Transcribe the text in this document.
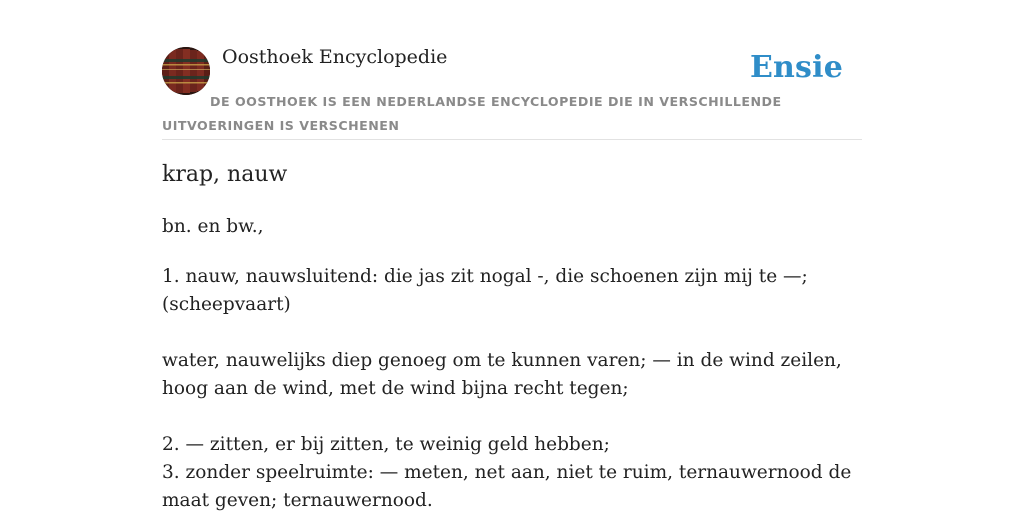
Oosthoek Encyclopedie	Ensie
DE OOSTHOEK IS EEN NEDERLANDSE ENCYCLOPEDIE DIE IN VERSCHILLENDE UITVOERINGEN IS VERSCHENEN
krap, nauw
bn. en bw.,

1. nauw, nauwsluitend: die jas zit nogal -, die schoenen zijn mij te —; (scheepvaart)

water, nauwelijks diep genoeg om te kunnen varen; — in de wind zeilen, hoog aan de wind, met de wind bijna recht tegen;

2. — zitten, er bij zitten, te weinig geld hebben;

3. zonder speelruimte: — meten, net aan, niet te ruim, ternauwernood de maat geven; ternauwernood.
